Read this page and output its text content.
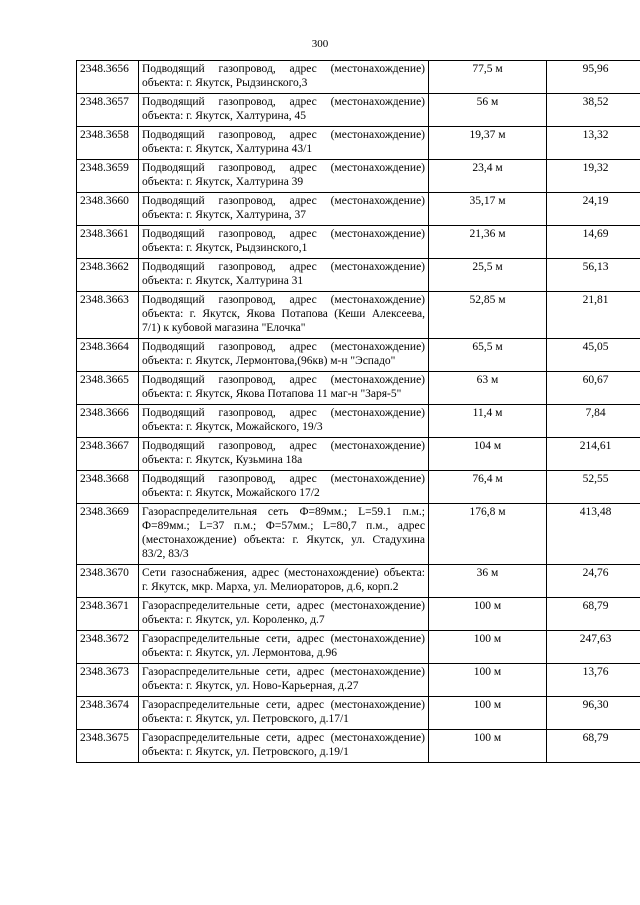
300
2348.3656	Подводящий газопровод, адрес (местонахождение) объекта: г. Якутск, Рыдзинского,3	77,5 м	95,96
2348.3657	Подводящий газопровод, адрес (местонахождение) объекта: г. Якутск, Халтурина, 45	56 м	38,52
2348.3658	Подводящий газопровод, адрес (местонахождение) объекта: г. Якутск, Халтурина 43/1	19,37 м	13,32
2348.3659	Подводящий газопровод, адрес (местонахождение) объекта: г. Якутск, Халтурина 39	23,4 м	19,32
2348.3660	Подводящий газопровод, адрес (местонахождение) объекта: г. Якутск, Халтурина, 37	35,17 м	24,19
2348.3661	Подводящий газопровод, адрес (местонахождение) объекта: г. Якутск, Рыдзинского,1	21,36 м	14,69
2348.3662	Подводящий газопровод, адрес (местонахождение) объекта: г. Якутск, Халтурина 31	25,5 м	56,13
2348.3663	Подводящий газопровод, адрес (местонахождение) объекта: г. Якутск, Якова Потапова (Кеши Алексеева, 7/1) к кубовой магазина "Елочка"	52,85 м	21,81
2348.3664	Подводящий газопровод, адрес (местонахождение) объекта: г. Якутск, Лермонтова,(96кв) м-н "Эспадо"	65,5 м	45,05
2348.3665	Подводящий газопровод, адрес (местонахождение) объекта: г. Якутск, Якова Потапова 11 маг-н "Заря-5"	63 м	60,67
2348.3666	Подводящий газопровод, адрес (местонахождение) объекта: г. Якутск, Можайского, 19/3	11,4 м	7,84
2348.3667	Подводящий газопровод, адрес (местонахождение) объекта: г. Якутск, Кузьмина 18а	104 м	214,61
2348.3668	Подводящий газопровод, адрес (местонахождение) объекта: г. Якутск, Можайского 17/2	76,4 м	52,55
2348.3669	Газораспределительная сеть Ф=89мм.; L=59.1 п.м.; Ф=89мм.; L=37 п.м.; Ф=57мм.; L=80,7 п.м., адрес (местонахождение) объекта: г. Якутск, ул. Стадухина 83/2, 83/3	176,8 м	413,48
2348.3670	Сети газоснабжения, адрес (местонахождение) объекта: г. Якутск, мкр. Марха, ул. Мелиораторов, д.6, корп.2	36 м	24,76
2348.3671	Газораспределительные сети, адрес (местонахождение) объекта: г. Якутск, ул. Короленко, д.7	100 м	68,79
2348.3672	Газораспределительные сети, адрес (местонахождение) объекта: г. Якутск, ул. Лермонтова, д.96	100 м	247,63
2348.3673	Газораспределительные сети, адрес (местонахождение) объекта: г. Якутск, ул. Ново-Карьерная, д.27	100 м	13,76
2348.3674	Газораспределительные сети, адрес (местонахождение) объекта: г. Якутск, ул. Петровского, д.17/1	100 м	96,30
2348.3675	Газораспределительные сети, адрес (местонахождение) объекта: г. Якутск, ул. Петровского, д.19/1	100 м	68,79
